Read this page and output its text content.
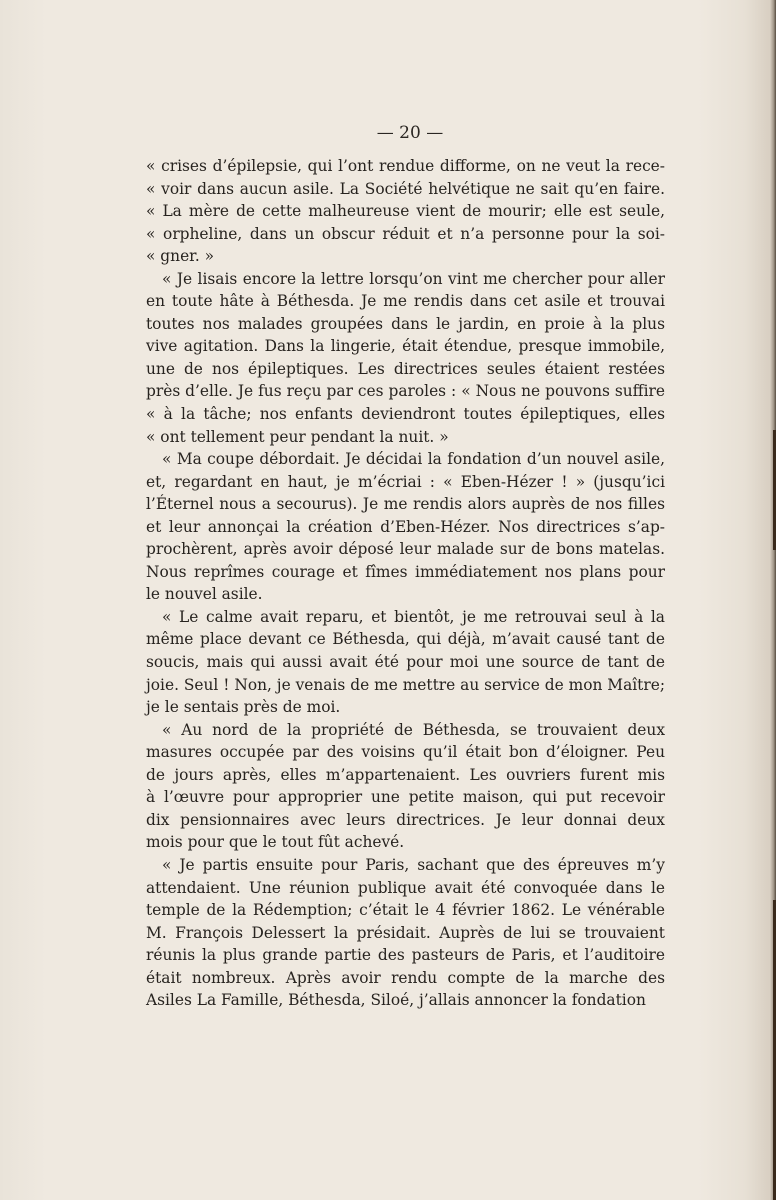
— 20 —

« crises d’épilepsie, qui l’ont rendue difforme, on ne veut la rece-
« voir dans aucun asile. La Société helvétique ne sait qu’en faire.
« La mère de cette malheureuse vient de mourir; elle est seule,
« orpheline, dans un obscur réduit et n’a personne pour la soi-
« gner. »

« Je lisais encore la lettre lorsqu’on vint me chercher pour aller
en toute hâte à Béthesda. Je me rendis dans cet asile et trouvai
toutes nos malades groupées dans le jardin, en proie à la plus
vive agitation. Dans la lingerie, était étendue, presque immobile,
une de nos épileptiques. Les directrices seules étaient restées
près d’elle. Je fus reçu par ces paroles : « Nous ne pouvons suffire
« à la tâche; nos enfants deviendront toutes épileptiques, elles
« ont tellement peur pendant la nuit. »

« Ma coupe débordait. Je décidai la fondation d’un nouvel asile,
et, regardant en haut, je m’écriai : « Eben-Hézer ! » (jusqu’ici
l’Éternel nous a secourus). Je me rendis alors auprès de nos filles
et leur annonçai la création d’Eben-Hézer. Nos directrices s’ap-
prochèrent, après avoir déposé leur malade sur de bons matelas.
Nous reprîmes courage et fîmes immédiatement nos plans pour
le nouvel asile.

« Le calme avait reparu, et bientôt, je me retrouvai seul à la
même place devant ce Béthesda, qui déjà, m’avait causé tant de
soucis, mais qui aussi avait été pour moi une source de tant de
joie. Seul ! Non, je venais de me mettre au service de mon Maître;
je le sentais près de moi.

« Au nord de la propriété de Béthesda, se trouvaient deux
masures occupée par des voisins qu’il était bon d’éloigner. Peu
de jours après, elles m’appartenaient. Les ouvriers furent mis
à l’œuvre pour approprier une petite maison, qui put recevoir
dix pensionnaires avec leurs directrices. Je leur donnai deux
mois pour que le tout fût achevé.

« Je partis ensuite pour Paris, sachant que des épreuves m’y
attendaient. Une réunion publique avait été convoquée dans le
temple de la Rédemption; c’était le 4 février 1862. Le vénérable
M. François Delessert la présidait. Auprès de lui se trouvaient
réunis la plus grande partie des pasteurs de Paris, et l’auditoire
était nombreux. Après avoir rendu compte de la marche des
Asiles La Famille, Béthesda, Siloé, j’allais annoncer la fondation
